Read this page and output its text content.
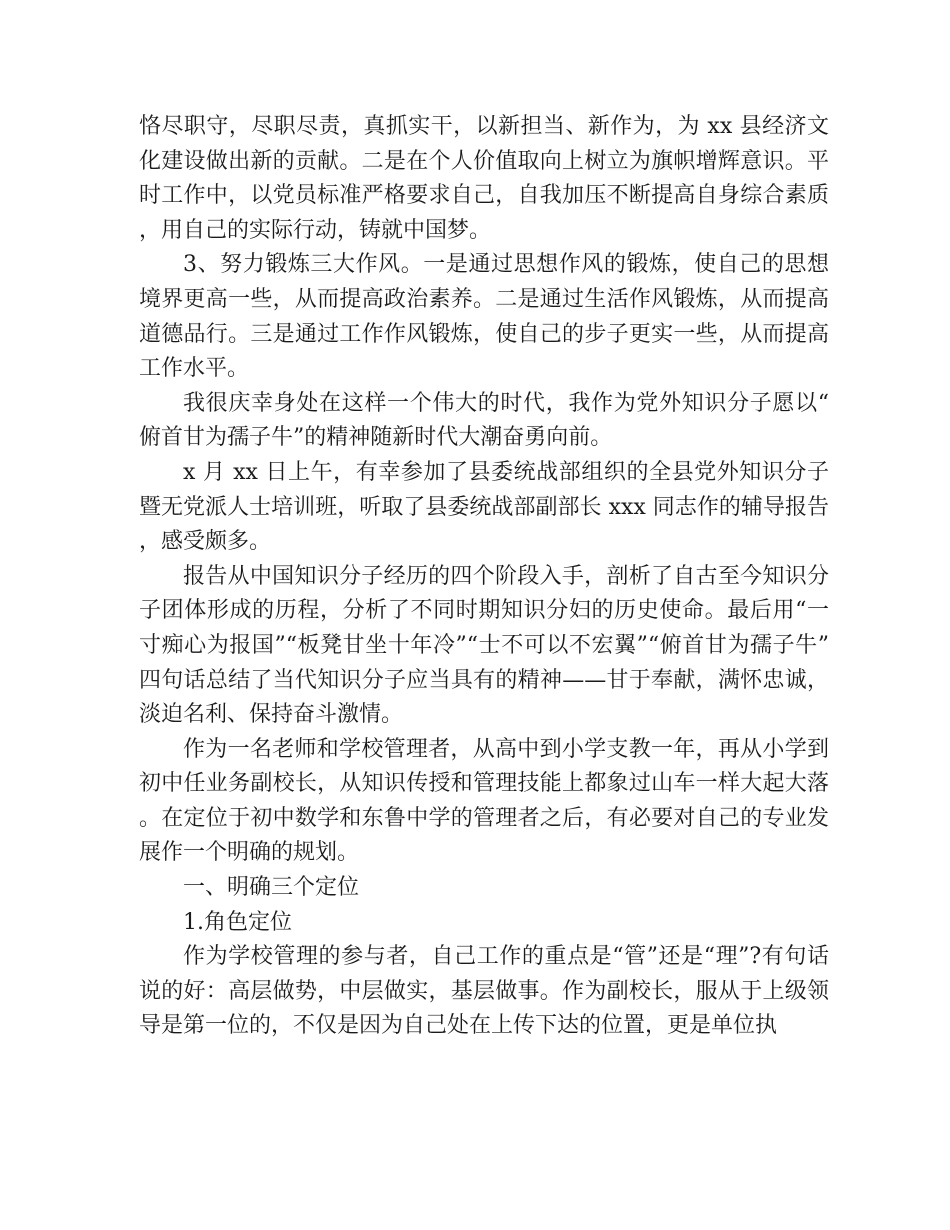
恪尽职守，尽职尽责，真抓实干，以新担当、新作为，为 xx 县经济文化建设做出新的贡献。二是在个人价值取向上树立为旗帜增辉意识。平时工作中，以党员标准严格要求自己，自我加压不断提高自身综合素质，用自己的实际行动，铸就中国梦。

3、努力锻炼三大作风。一是通过思想作风的锻炼，使自己的思想境界更高一些，从而提高政治素养。二是通过生活作风锻炼，从而提高道德品行。三是通过工作作风锻炼，使自己的步子更实一些，从而提高工作水平。

我很庆幸身处在这样一个伟大的时代，我作为党外知识分子愿以“俯首甘为孺子牛”的精神随新时代大潮奋勇向前。

x 月 xx 日上午，有幸参加了县委统战部组织的全县党外知识分子暨无党派人士培训班，听取了县委统战部副部长 xxx 同志作的辅导报告，感受颇多。

报告从中国知识分子经历的四个阶段入手，剖析了自古至今知识分子团体形成的历程，分析了不同时期知识分妇的历史使命。最后用“一寸痴心为报国”“板凳甘坐十年冷”“士不可以不宏翼”“俯首甘为孺子牛”四句话总结了当代知识分子应当具有的精神——甘于奉献，满怀忠诚，淡迫名利、保持奋斗激情。

作为一名老师和学校管理者，从高中到小学支教一年，再从小学到初中任业务副校长，从知识传授和管理技能上都象过山车一样大起大落。在定位于初中数学和东鲁中学的管理者之后，有必要对自己的专业发展作一个明确的规划。

一、明确三个定位

1.角色定位

作为学校管理的参与者，自己工作的重点是“管”还是“理”?有句话说的好：高层做势，中层做实，基层做事。作为副校长，服从于上级领导是第一位的，不仅是因为自己处在上传下达的位置，更是单位执
